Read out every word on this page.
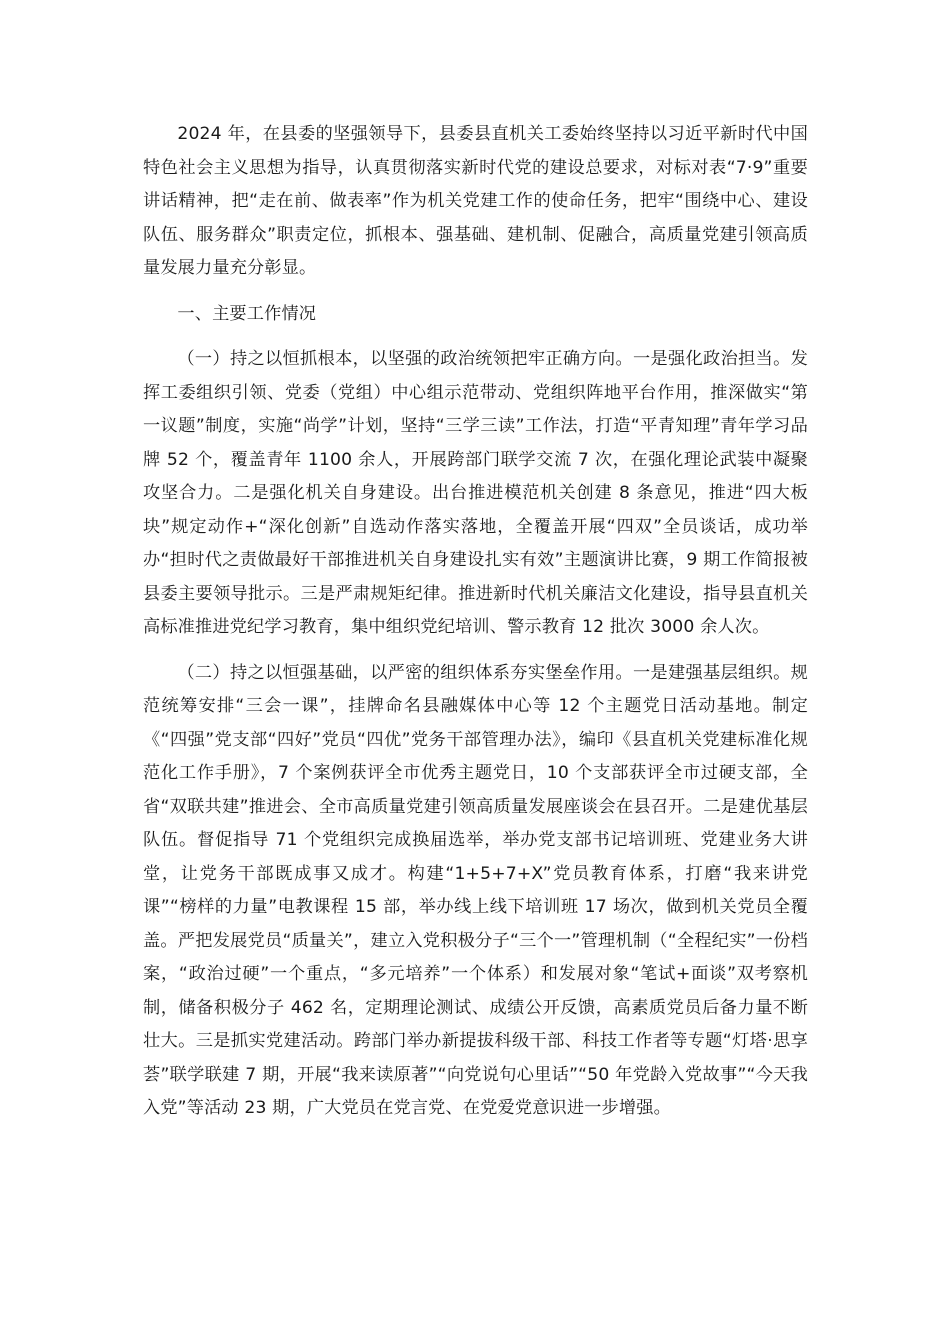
2024 年，在县委的坚强领导下，县委县直机关工委始终坚持以习近平新时代中国特色社会主义思想为指导，认真贯彻落实新时代党的建设总要求，对标对表“7·9”重要讲话精神，把“走在前、做表率”作为机关党建工作的使命任务，把牢“围绕中心、建设队伍、服务群众”职责定位，抓根本、强基础、建机制、促融合，高质量党建引领高质量发展力量充分彰显。

一、主要工作情况

（一）持之以恒抓根本，以坚强的政治统领把牢正确方向。一是强化政治担当。发挥工委组织引领、党委（党组）中心组示范带动、党组织阵地平台作用，推深做实“第一议题”制度，实施“尚学”计划，坚持“三学三读”工作法，打造“平青知理”青年学习品牌 52 个，覆盖青年 1100 余人，开展跨部门联学交流 7 次，在强化理论武装中凝聚攻坚合力。二是强化机关自身建设。出台推进模范机关创建 8 条意见，推进“四大板块”规定动作+“深化创新”自选动作落实落地，全覆盖开展“四双”全员谈话，成功举办“担时代之责做最好干部推进机关自身建设扎实有效”主题演讲比赛，9 期工作简报被县委主要领导批示。三是严肃规矩纪律。推进新时代机关廉洁文化建设，指导县直机关高标准推进党纪学习教育，集中组织党纪培训、警示教育 12 批次 3000 余人次。

（二）持之以恒强基础，以严密的组织体系夯实堡垒作用。一是建强基层组织。规范统筹安排“三会一课”，挂牌命名县融媒体中心等 12 个主题党日活动基地。制定《“四强”党支部“四好”党员“四优”党务干部管理办法》，编印《县直机关党建标准化规范化工作手册》，7 个案例获评全市优秀主题党日，10 个支部获评全市过硬支部，全省“双联共建”推进会、全市高质量党建引领高质量发展座谈会在县召开。二是建优基层队伍。督促指导 71 个党组织完成换届选举，举办党支部书记培训班、党建业务大讲堂，让党务干部既成事又成才。构建“1+5+7+X”党员教育体系，打磨“我来讲党课”“榜样的力量”电教课程 15 部，举办线上线下培训班 17 场次，做到机关党员全覆盖。严把发展党员“质量关”，建立入党积极分子“三个一”管理机制（“全程纪实”一份档案，“政治过硬”一个重点，“多元培养”一个体系）和发展对象“笔试+面谈”双考察机制，储备积极分子 462 名，定期理论测试、成绩公开反馈，高素质党员后备力量不断壮大。三是抓实党建活动。跨部门举办新提拔科级干部、科技工作者等专题“灯塔·思享荟”联学联建 7 期，开展“我来读原著”“向党说句心里话”“50 年党龄入党故事”“今天我入党”等活动 23 期，广大党员在党言党、在党爱党意识进一步增强。
